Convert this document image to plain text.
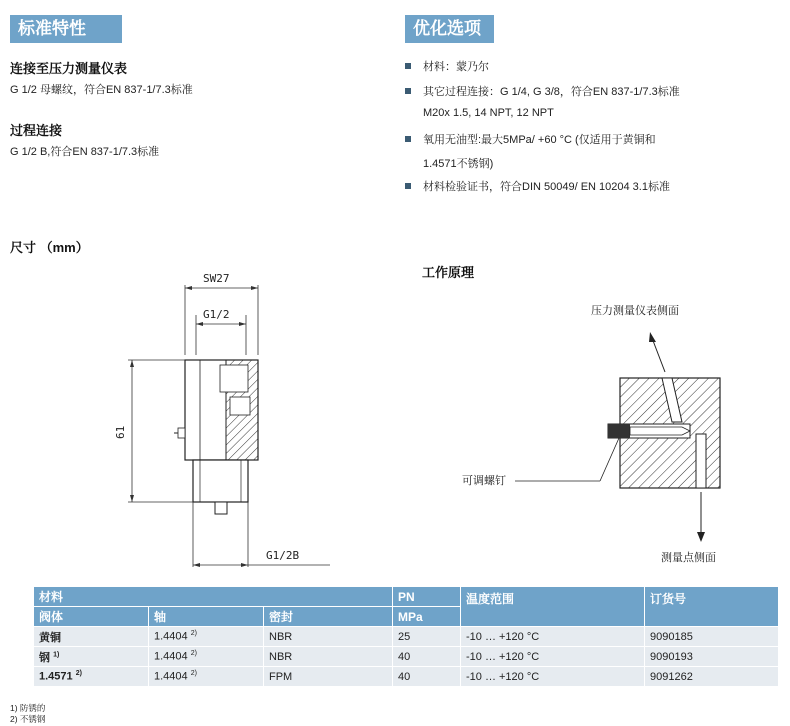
标准特性
连接至压力测量仪表
G 1/2 母螺纹，符合EN 837-1/7.3标准
过程连接
G 1/2 B,符合EN 837-1/7.3标准
优化选项
材料：蒙乃尔
其它过程连接：G 1/4, G 3/8，符合EN 837-1/7.3标准
M20x 1.5, 14 NPT, 12 NPT
氧用无油型:最大5MPa/ +60 °C (仅适用于黄铜和
1.4571不锈钢)
材料检验证书，符合DIN 50049/ EN 10204 3.1标准
尺寸 （mm）
SW27
G1/2
61
G1/2B
工作原理
压力测量仪表侧面
可调螺钉
测量点侧面
材料			PN	温度范围	订货号
阀体	轴	密封	MPa		
黄铜	1.4404 $^{2)}$	NBR	25	-10 … +120 °C	9090185
钢 $^{1)}$	1.4404 $^{2)}$	NBR	40	-10 … +120 °C	9090193
1.4571 $^{2)}$	1.4404 $^{2)}$	FPM	40	-10 … +120 °C	9091262
1) 防锈的
2) 不锈钢
